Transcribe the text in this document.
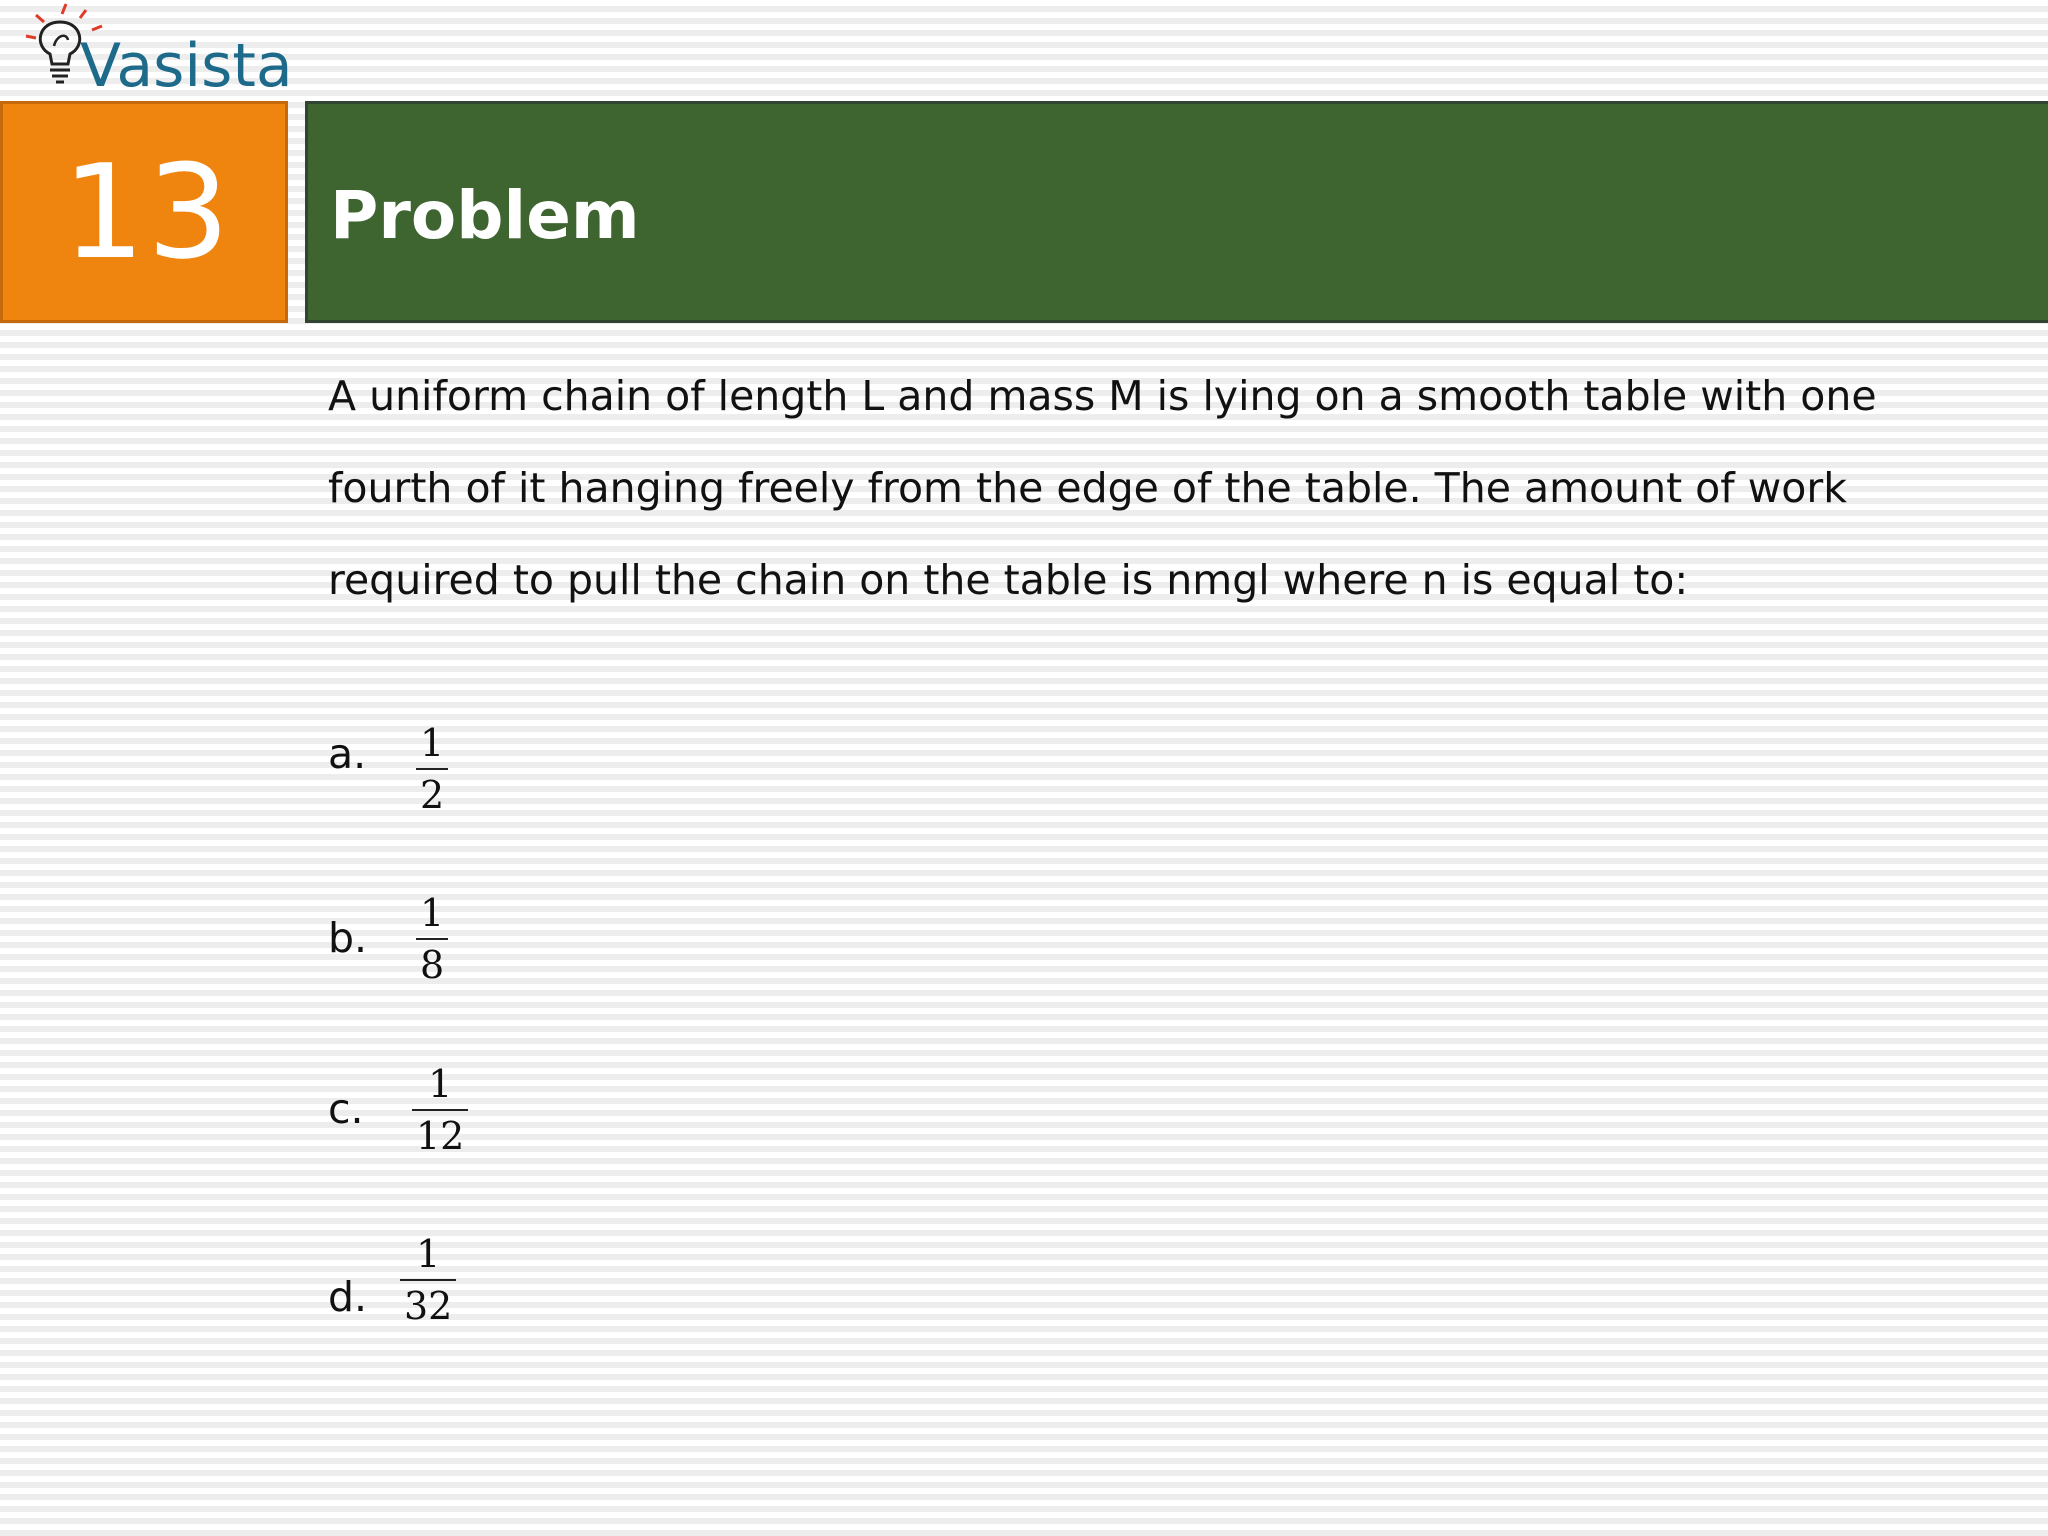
Vasista
13 Problem
A uniform chain of length L and mass M is lying on a smooth table with one
fourth of it hanging freely from the edge of the table. The amount of work
required to pull the chain on the table is nmgl where n is equal to:
a. 1
2
b.
1
8
c.
1
12
d.
1
32
